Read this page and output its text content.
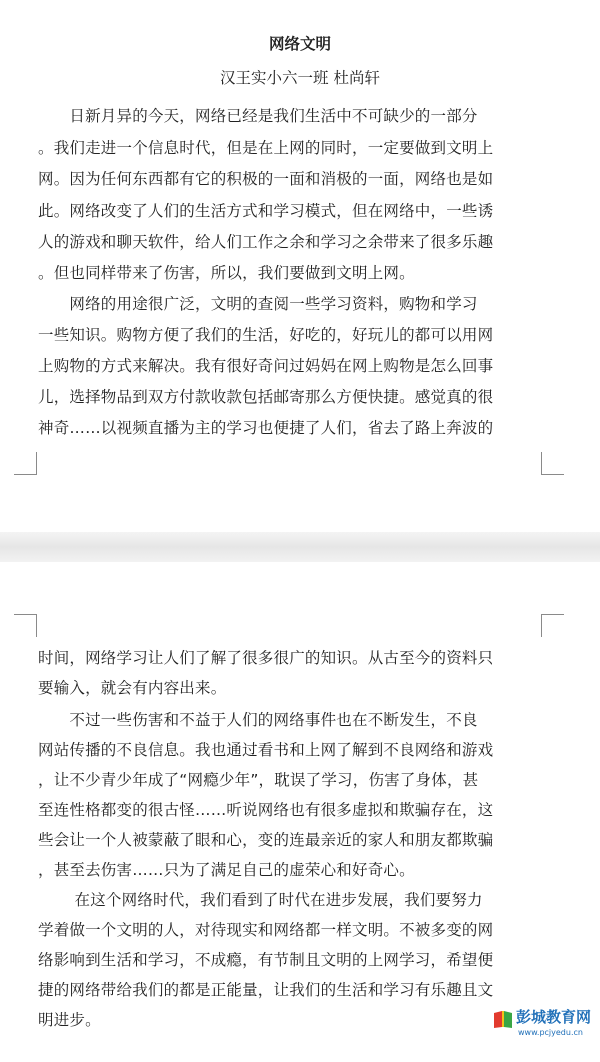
网络文明
汉王实小六一班 杜尚轩
　　日新月异的今天，网络已经是我们生活中不可缺少的一部分
。我们走进一个信息时代，但是在上网的同时，一定要做到文明上
网。因为任何东西都有它的积极的一面和消极的一面，网络也是如
此。网络改变了人们的生活方式和学习模式，但在网络中，一些诱
人的游戏和聊天软件，给人们工作之余和学习之余带来了很多乐趣
。但也同样带来了伤害，所以，我们要做到文明上网。
　　网络的用途很广泛，文明的查阅一些学习资料，购物和学习
一些知识。购物方便了我们的生活，好吃的，好玩儿的都可以用网
上购物的方式来解决。我有很好奇问过妈妈在网上购物是怎么回事
儿，选择物品到双方付款收款包括邮寄那么方便快捷。感觉真的很
神奇……以视频直播为主的学习也便捷了人们，省去了路上奔波的
时间，网络学习让人们了解了很多很广的知识。从古至今的资料只
要输入，就会有内容出来。
　　不过一些伤害和不益于人们的网络事件也在不断发生，不良
网站传播的不良信息。我也通过看书和上网了解到不良网络和游戏
，让不少青少年成了“网瘾少年”，耽误了学习，伤害了身体，甚
至连性格都变的很古怪……听说网络也有很多虚拟和欺骗存在，这
些会让一个人被蒙蔽了眼和心，变的连最亲近的家人和朋友都欺骗
，甚至去伤害……只为了满足自己的虚荣心和好奇心。
　　 在这个网络时代，我们看到了时代在进步发展，我们要努力
学着做一个文明的人，对待现实和网络都一样文明。不被多变的网
络影响到生活和学习，不成瘾，有节制且文明的上网学习，希望便
捷的网络带给我们的都是正能量，让我们的生活和学习有乐趣且文
明进步。	彭城教育网
www.pcjyedu.cn
